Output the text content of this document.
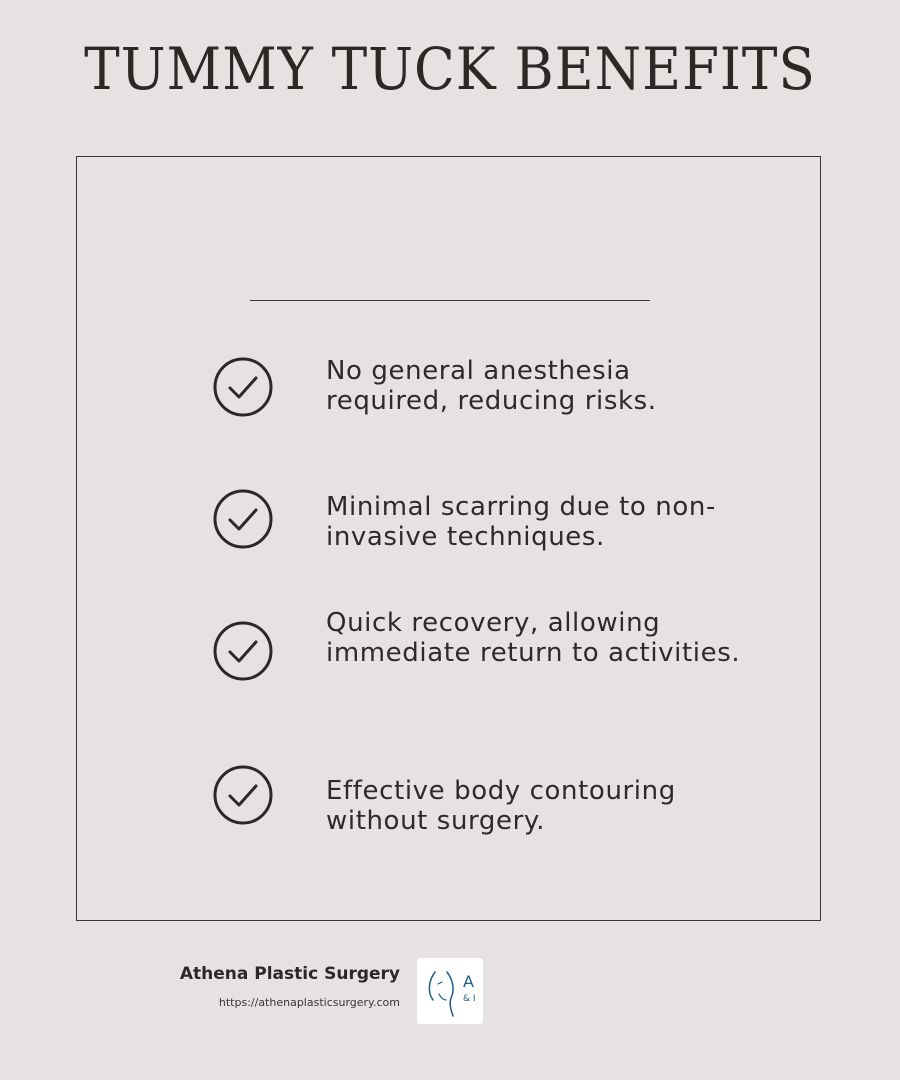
TUMMY TUCK BENEFITS
No general anesthesia required, reducing risks.
Minimal scarring due to non-invasive techniques.
Quick recovery, allowing immediate return to activities.
Effective body contouring without surgery.
Athena Plastic Surgery
https://athenaplasticsurgery.com
A
& I
